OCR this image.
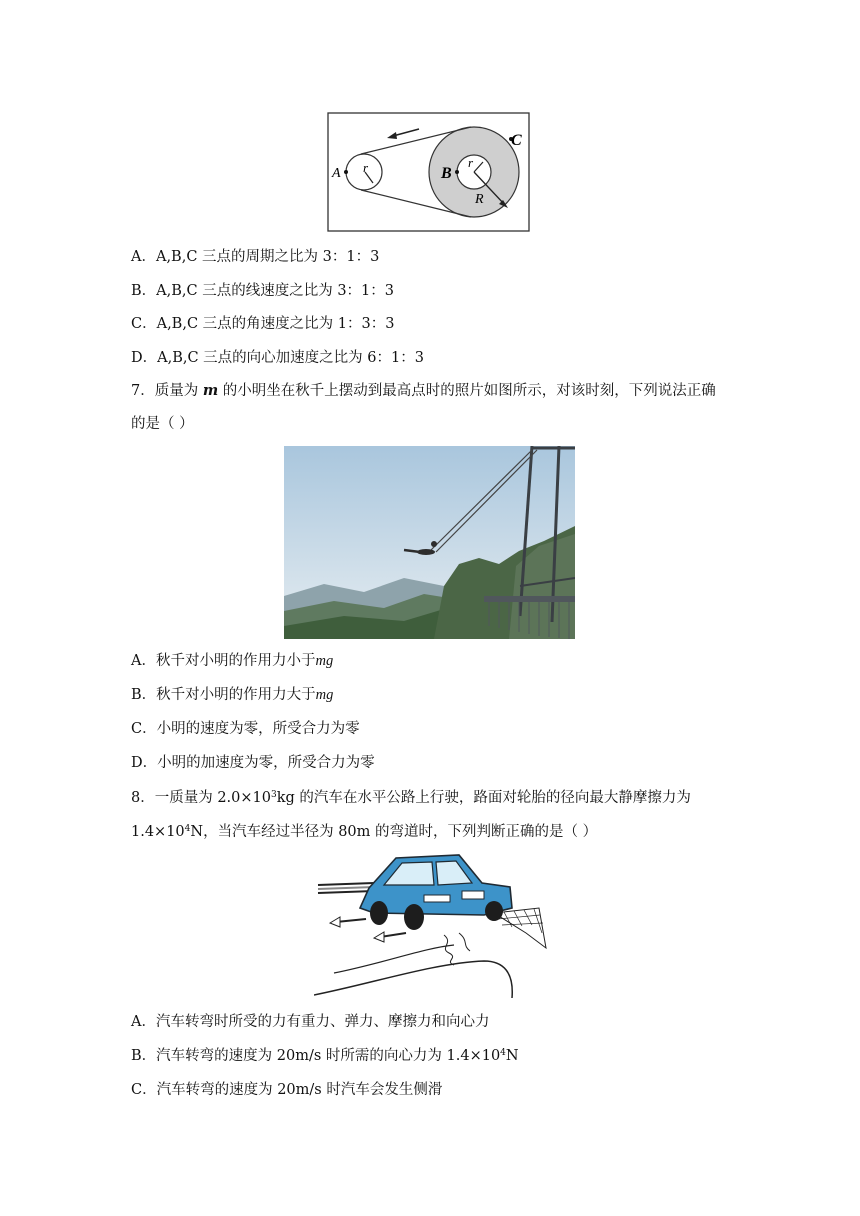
A r	B
r
R
C
A．A,B,C 三点的周期之比为 3：1：3
B．A,B,C 三点的线速度之比为 3：1：3
C．A,B,C 三点的角速度之比为 1：3：3
D．A,B,C 三点的向心加速度之比为 6：1：3
7．质量为 m 的小明坐在秋千上摆动到最高点时的照片如图所示，对该时刻，下列说法正确
的是（ ）
A．秋千对小明的作用力小于mg
B．秋千对小明的作用力大于mg
C．小明的速度为零，所受合力为零
D．小明的加速度为零，所受合力为零
8．一质量为 $2.0\times 10^3kg$ 的汽车在水平公路上行驶，路面对轮胎的径向最大静摩擦力为
$1.4\times 10^4N$，当汽车经过半径为 80m 的弯道时，下列判断正确的是（ ）
A．汽车转弯时所受的力有重力、弹力、摩擦力和向心力
B．汽车转弯的速度为 20m/s 时所需的向心力为 $1.4\times 10^4N$
C．汽车转弯的速度为 20m/s 时汽车会发生侧滑
